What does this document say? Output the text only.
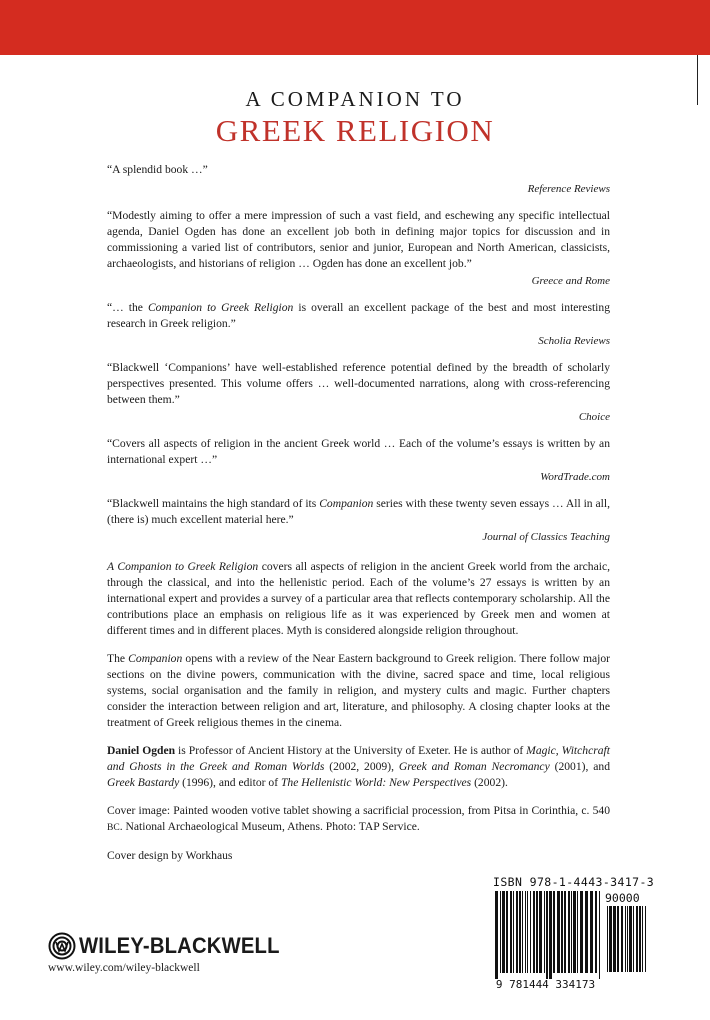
A COMPANION TO
GREEK RELIGION

“A splendid book …”

Reference Reviews

“Modestly aiming to offer a mere impression of such a vast field, and eschewing any specific intellectual agenda, Daniel Ogden has done an excellent job both in defining major topics for discussion and in commissioning a varied list of contributors, senior and junior, European and North American, classicists, archaeologists, and historians of religion … Ogden has done an excellent job.”

Greece and Rome

“… the Companion to Greek Religion is overall an excellent package of the best and most interesting research in Greek religion.”

Scholia Reviews

“Blackwell ‘Companions’ have well-established reference potential defined by the breadth of scholarly perspectives presented. This volume offers … well-documented narrations, along with cross-referencing between them.”

Choice

“Covers all aspects of religion in the ancient Greek world … Each of the volume’s essays is written by an international expert …”

WordTrade.com

“Blackwell maintains the high standard of its Companion series with these twenty seven essays … All in all, (there is) much excellent material here.”

Journal of Classics Teaching

A Companion to Greek Religion covers all aspects of religion in the ancient Greek world from the archaic, through the classical, and into the hellenistic period. Each of the volume’s 27 essays is written by an international expert and provides a survey of a particular area that reflects contemporary scholarship. All the contributions place an emphasis on religious life as it was experienced by Greek men and women at different times and in different places. Myth is considered alongside religion throughout.

The Companion opens with a review of the Near Eastern background to Greek religion. There follow major sections on the divine powers, communication with the divine, sacred space and time, local religious systems, social organisation and the family in religion, and mystery cults and magic. Further chapters consider the interaction between religion and art, literature, and philosophy. A closing chapter looks at the treatment of Greek religious themes in the cinema.

Daniel Ogden is Professor of Ancient History at the University of Exeter. He is author of Magic, Witchcraft and Ghosts in the Greek and Roman Worlds (2002, 2009), Greek and Roman Necromancy (2001), and Greek Bastardy (1996), and editor of The Hellenistic World: New Perspectives (2002).

Cover image: Painted wooden votive tablet showing a sacrificial procession, from Pitsa in Corinthia, c. 540 BC. National Archaeological Museum, Athens. Photo: TAP Service.

Cover design by Workhaus

ISBN 978-1-4443-3417-3
90000
9 781444 334173
WILEY-BLACKWELL
www.wiley.com/wiley-blackwell
